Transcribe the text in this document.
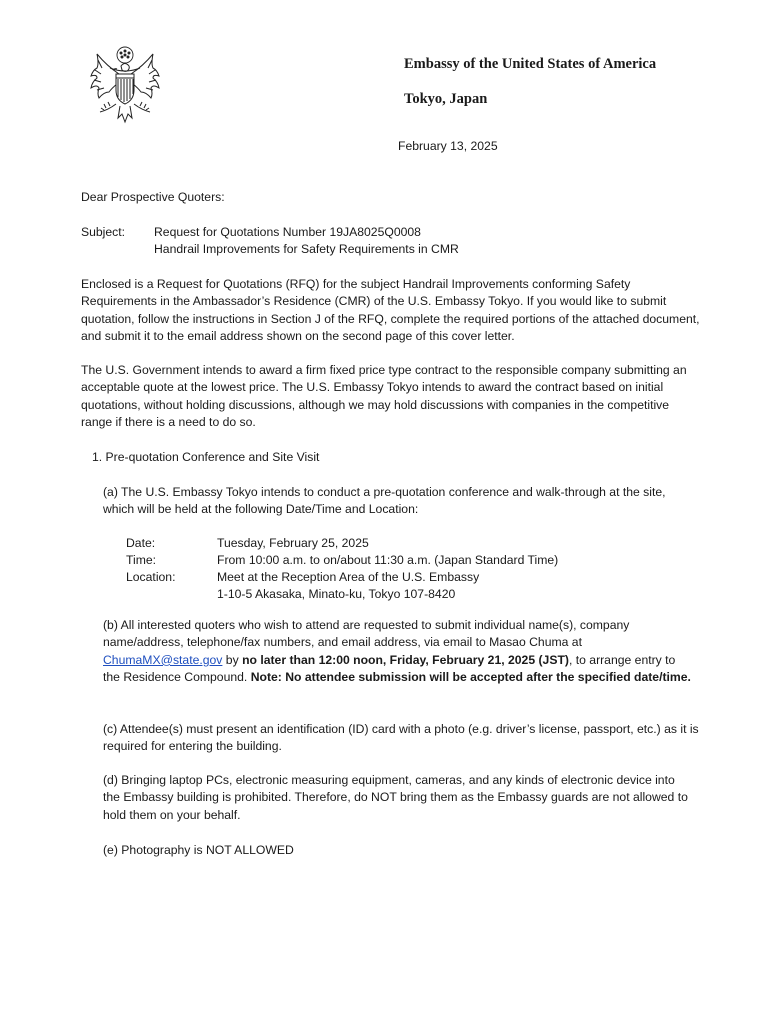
Embassy of the United States of America
Tokyo, Japan
February 13, 2025
Dear Prospective Quoters:
Subject: Request for Quotations Number 19JA8025Q0008
Handrail Improvements for Safety Requirements in CMR
Enclosed is a Request for Quotations (RFQ) for the subject Handrail Improvements conforming Safety Requirements in the Ambassador’s Residence (CMR) of the U.S. Embassy Tokyo. If you would like to submit quotation, follow the instructions in Section J of the RFQ, complete the required portions of the attached document, and submit it to the email address shown on the second page of this cover letter.
The U.S. Government intends to award a firm fixed price type contract to the responsible company submitting an acceptable quote at the lowest price. The U.S. Embassy Tokyo intends to award the contract based on initial quotations, without holding discussions, although we may hold discussions with companies in the competitive range if there is a need to do so.
1. Pre-quotation Conference and Site Visit
(a) The U.S. Embassy Tokyo intends to conduct a pre-quotation conference and walk-through at the site, which will be held at the following Date/Time and Location:
Date:	Tuesday, February 25, 2025
Time:	From 10:00 a.m. to on/about 11:30 a.m. (Japan Standard Time)
Location:	Meet at the Reception Area of the U.S. Embassy
1-10-5 Akasaka, Minato-ku, Tokyo 107-8420
(b) All interested quoters who wish to attend are requested to submit individual name(s), company name/address, telephone/fax numbers, and email address, via email to Masao Chuma at ChumaMX@state.gov by no later than 12:00 noon, Friday, February 21, 2025 (JST), to arrange entry to the Residence Compound. Note: No attendee submission will be accepted after the specified date/time.
(c) Attendee(s) must present an identification (ID) card with a photo (e.g. driver’s license, passport, etc.) as it is required for entering the building.
(d) Bringing laptop PCs, electronic measuring equipment, cameras, and any kinds of electronic device into the Embassy building is prohibited. Therefore, do NOT bring them as the Embassy guards are not allowed to hold them on your behalf.
(e) Photography is NOT ALLOWED
